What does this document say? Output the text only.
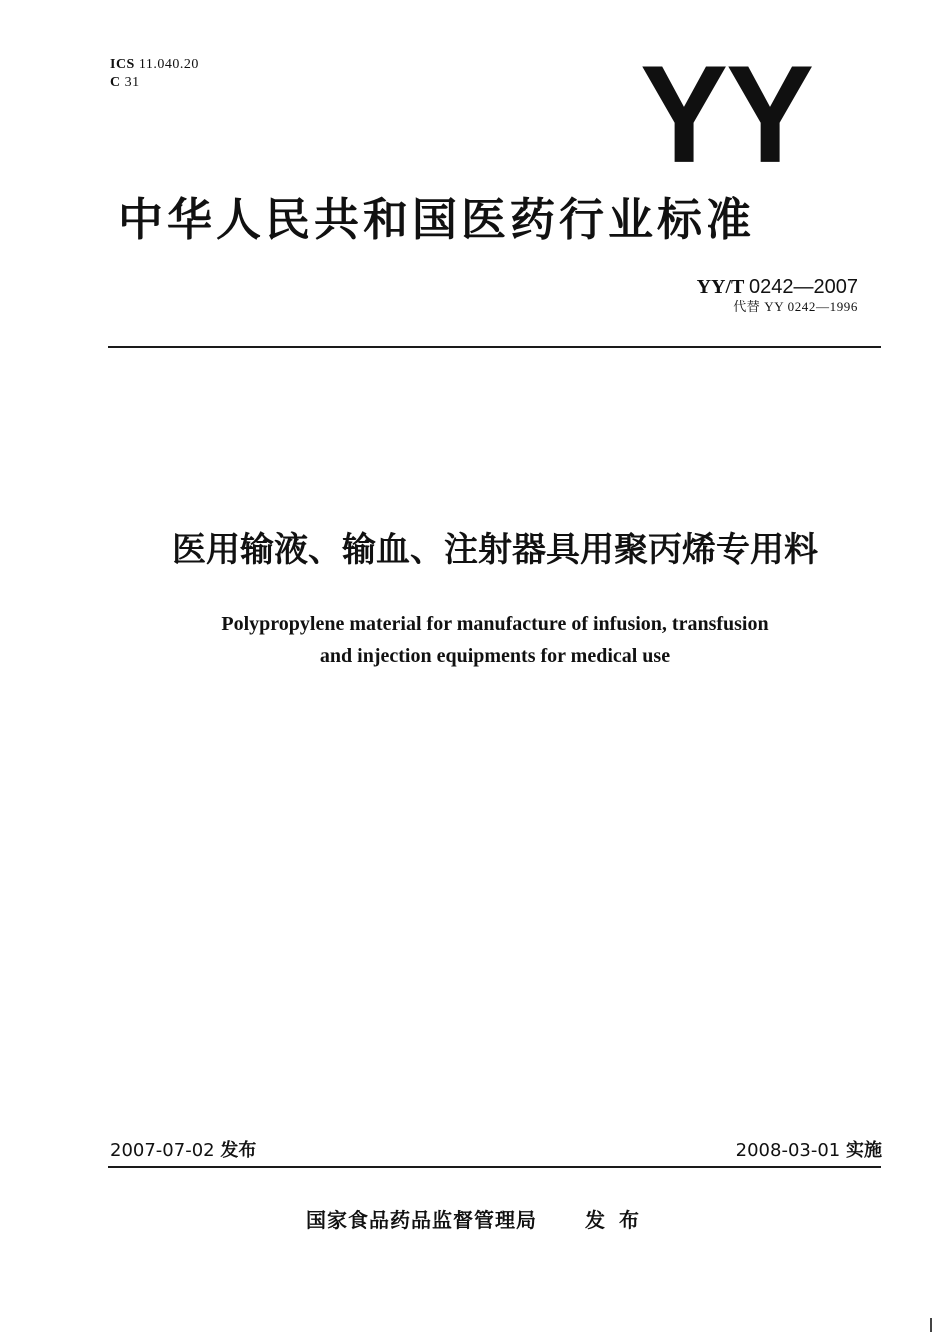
ICS 11.040.20
C 31	YY
中华人民共和国医药行业标准
YY/T 0242—2007
代替 YY 0242—1996
医用输液、输血、注射器具用聚丙烯专用料
Polypropylene material for manufacture of infusion, transfusion
and injection equipments for medical use
2007-07-02 发布	2008-03-01 实施
国家食品药品监督管理局 发布
